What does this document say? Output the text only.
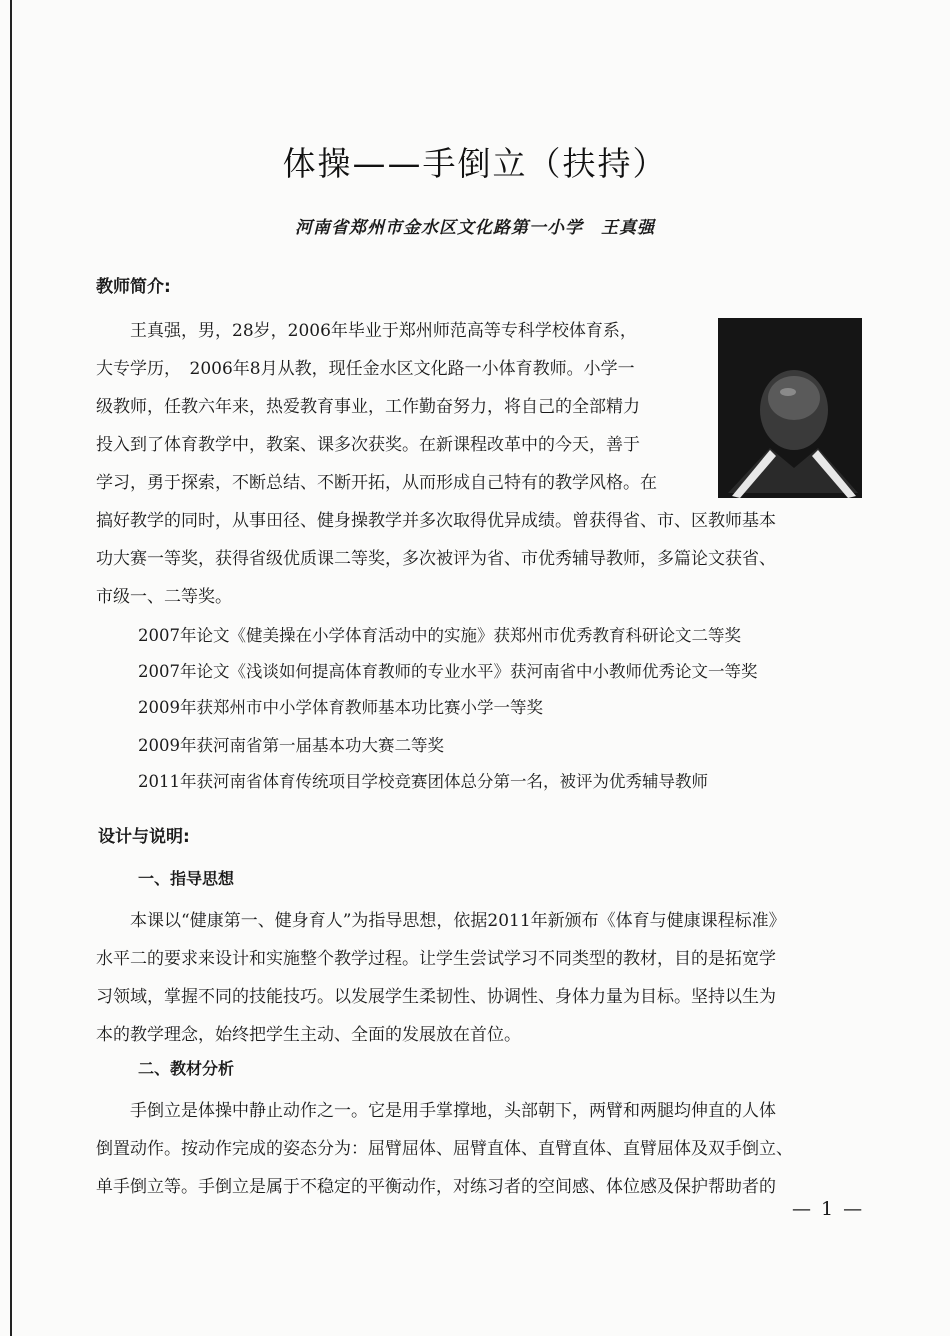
体操——手倒立（扶持）
河南省郑州市金水区文化路第一小学　王真强
教师简介:
　　王真强，男，28岁，2006年毕业于郑州师范高等专科学校体育系，
大专学历，　2006年8月从教，现任金水区文化路一小体育教师。小学一
级教师，任教六年来，热爱教育事业，工作勤奋努力，将自己的全部精力
投入到了体育教学中，教案、课多次获奖。在新课程改革中的今天，善于
学习，勇于探索，不断总结、不断开拓，从而形成自己特有的教学风格。在
搞好教学的同时，从事田径、健身操教学并多次取得优异成绩。曾获得省、市、区教师基本
功大赛一等奖，获得省级优质课二等奖，多次被评为省、市优秀辅导教师，多篇论文获省、
市级一、二等奖。
2007年论文《健美操在小学体育活动中的实施》获郑州市优秀教育科研论文二等奖
2007年论文《浅谈如何提高体育教师的专业水平》获河南省中小教师优秀论文一等奖
2009年获郑州市中小学体育教师基本功比赛小学一等奖
2009年获河南省第一届基本功大赛二等奖
2011年获河南省体育传统项目学校竞赛团体总分第一名，被评为优秀辅导教师
设计与说明:
一、指导思想
　　本课以“健康第一、健身育人”为指导思想，依据2011年新颁布《体育与健康课程标准》
水平二的要求来设计和实施整个教学过程。让学生尝试学习不同类型的教材，目的是拓宽学
习领域，掌握不同的技能技巧。以发展学生柔韧性、协调性、身体力量为目标。坚持以生为
本的教学理念，始终把学生主动、全面的发展放在首位。
二、教材分析
　　手倒立是体操中静止动作之一。它是用手掌撑地，头部朝下，两臂和两腿均伸直的人体
倒置动作。按动作完成的姿态分为：屈臂屈体、屈臂直体、直臂直体、直臂屈体及双手倒立、
单手倒立等。手倒立是属于不稳定的平衡动作，对练习者的空间感、体位感及保护帮助者的
— 1 —
